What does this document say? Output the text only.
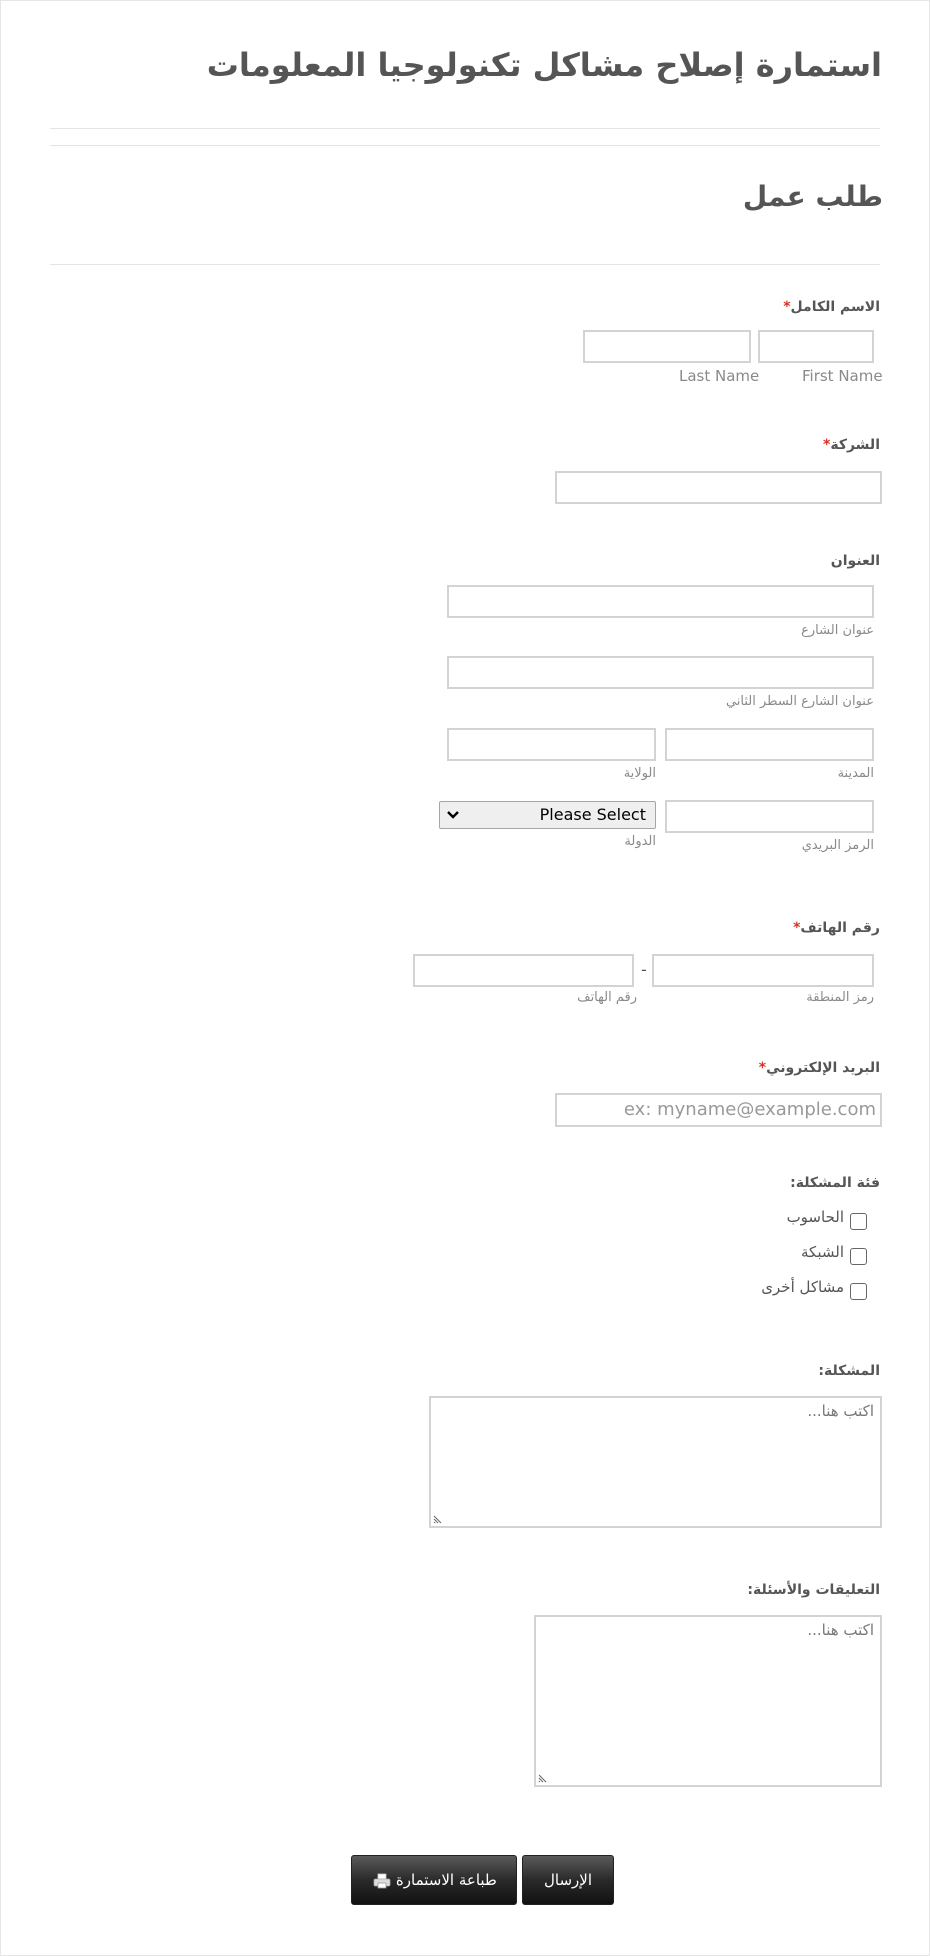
استمارة إصلاح مشاكل تكنولوجيا المعلومات
طلب عمل
الاسم الكامل*
First Name
Last Name
الشركة*
العنوان
عنوان الشارع
عنوان الشارع السطر الثاني
المدينة
الولاية
Please Select
الرمز البريدي
الدولة
رقم الهاتف*
-
رمز المنطقة
رقم الهاتف
البريد الإلكتروني*
ex: myname@example.com
فئة المشكلة:
الحاسوب
الشبكة
مشاكل أخرى
المشكلة:
اكتب هنا...
التعليقات والأسئلة:
اكتب هنا...
الإرسال
طباعة الاستمارة
